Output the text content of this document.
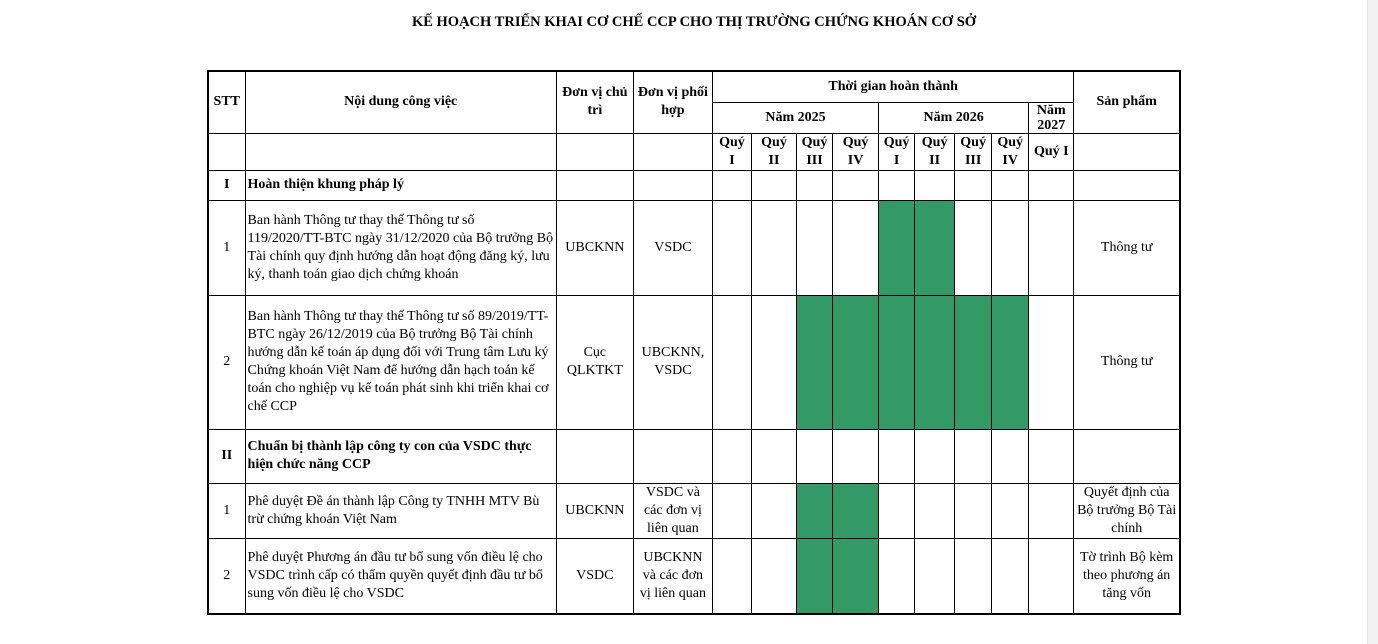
KẾ HOẠCH TRIỂN KHAI CƠ CHẾ CCP CHO THỊ TRƯỜNG CHỨNG KHOÁN CƠ SỞ
STT	Nội dung công việc	Đơn vị chủ trì	Đơn vị phối hợp	Thời gian hoàn thành									Sản phẩm
				Năm 2025				Năm 2026				Năm 2027	
				Quý I	Quý II	Quý III	Quý IV	Quý I	Quý II	Quý III	Quý IV	Quý I	
I	Hoàn thiện khung pháp lý												
1	Ban hành Thông tư thay thế Thông tư số 119/2020/TT-BTC ngày 31/12/2020 của Bộ trưởng Bộ Tài chính quy định hướng dẫn hoạt động đăng ký, lưu ký, thanh toán giao dịch chứng khoán	UBCKNN	VSDC										Thông tư
2	Ban hành Thông tư thay thế Thông tư số 89/2019/TT-BTC ngày 26/12/2019 của Bộ trưởng Bộ Tài chính hướng dẫn kế toán áp dụng đối với Trung tâm Lưu ký Chứng khoán Việt Nam để hướng dẫn hạch toán kế toán cho nghiệp vụ kế toán phát sinh khi triển khai cơ chế CCP	Cục QLKTKT	UBCKNN, VSDC										Thông tư
II	Chuẩn bị thành lập công ty con của VSDC thực hiện chức năng CCP												
1	Phê duyệt Đề án thành lập Công ty TNHH MTV Bù trừ chứng khoán Việt Nam	UBCKNN	VSDC và các đơn vị liên quan										Quyết định của Bộ trưởng Bộ Tài chính
2	Phê duyệt Phương án đầu tư bổ sung vốn điều lệ cho VSDC trình cấp có thẩm quyền quyết định đầu tư bổ sung vốn điều lệ cho VSDC	VSDC	UBCKNN và các đơn vị liên quan										Tờ trình Bộ kèm theo phương án tăng vốn
